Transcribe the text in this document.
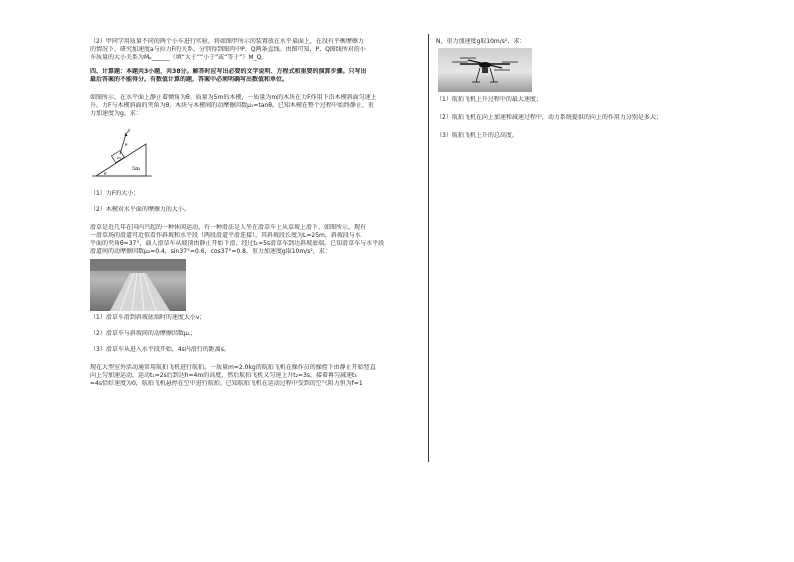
（2）甲同学用质量不同的两个小车进行实验，将如图甲所示的装置放在水平桌面上，在没有平衡摩擦力
的情况下，研究加速度a与拉力F的关系，分别得到图丙中P、Q两条直线。由图可知，P、Q图线所对的小
车质量的大小关系为Mₚ______（填“大于”“小于”或“等于”）M_Q。
四、计算题：本题共3小题，共38分。解答时应写出必要的文字说明、方程式和重要的演算步骤。只写出
最后答案的不能得分。有数值计算的题，答案中必须明确写出数值和单位。
如图所示，在水平面上静止着倾角为θ、质量为5m的木楔，一质量为m的木块在力F作用下沿木楔斜面匀速上
升，力F与木楔斜面的夹角为θ，木块与木楔间的动摩擦因数μ₁=tanθ。已知木楔在整个过程中始终静止，重
力加速度为g。求：
F
θ
m
5m
θ
（1）力F的大小；
（2）木楔对水平面的摩擦力的大小。
滑草是近几年在国内兴起的一种休闲运动，有一种滑法是人坐在滑草车上从草坡上滑下，如图所示，现有
一滑草场的滑道可近似看作斜坡和水平段（两段滑道平滑连接）。其斜坡段长度为L=25m，斜坡段与水
平面的夹角θ=37°，载人滑草车从坡顶由静止开始下滑，经过t₁=5s滑草车到达斜坡底端。已知滑草车与水平段
滑道间的动摩擦因数μ₂=0.4，sin37°=0.6，cos37°=0.8，重力加速度g取10m/s²，求：
（1）滑草车滑到斜坡底端时的速度大小v；
（2）滑草车与斜坡间的动摩擦因数μ₁；
（3）滑草车从进入水平段开始，4s内滑行的距离s。
现在大型室外活动通常用航拍飞机进行航拍。一质量m=2.0kg的航拍飞机在操作员的操控下由静止开始竖直
向上匀加速运动，运动t₁=2s后到达h=4m的高度，然后航拍飞机又匀速上升t₂=3s，接着再匀减速t₃
=4s恰好速度为0，航拍飞机悬停在空中进行航拍。已知航拍飞机在运动过程中受到的空气阻力恒为f=1
N，重力加速度g取10m/s²，求：
（1）航拍飞机上升过程中的最大速度；
（2）航拍飞机在向上加速和减速过程中，动力系统提供的向上的作用力分别是多大；
（3）航拍飞机上升的总高度。
